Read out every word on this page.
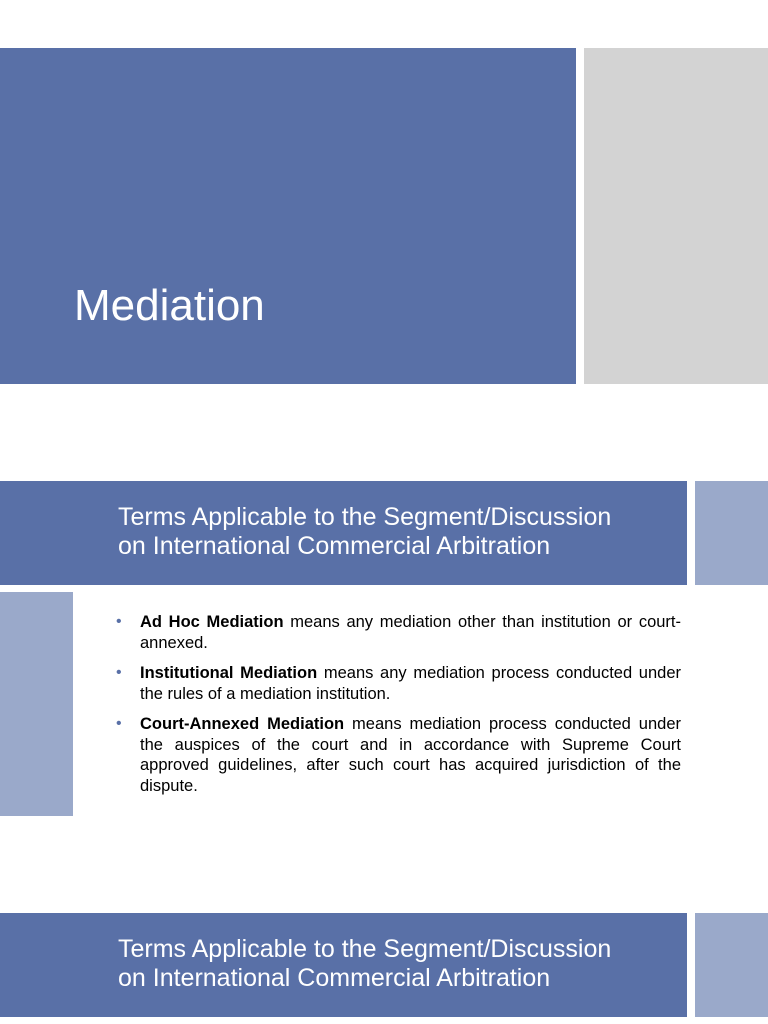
Mediation
Terms Applicable to the Segment/Discussion
on International Commercial Arbitration
• Ad Hoc Mediation means any mediation other than institution or court-annexed.
• Institutional Mediation means any mediation process conducted under the rules of a mediation institution.
• Court-Annexed Mediation means mediation process conducted under the auspices of the court and in accordance with Supreme Court approved guidelines, after such court has acquired jurisdiction of the dispute.
Terms Applicable to the Segment/Discussion
on International Commercial Arbitration
